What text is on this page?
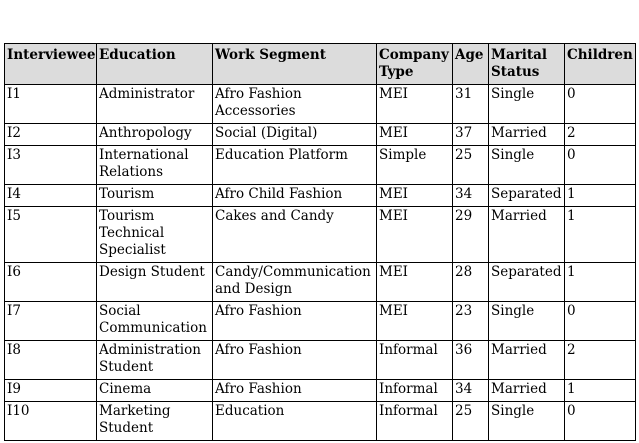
Interviewee	Education	Work Segment	Company Type	Age	Marital Status	Children
I1	Administrator	Afro Fashion Accessories	MEI	31	Single	0
I2	Anthropology	Social (Digital)	MEI	37	Married	2
I3	International Relations	Education Platform	Simple	25	Single	0
I4	Tourism	Afro Child Fashion	MEI	34	Separated	1
I5	Tourism Technical Specialist	Cakes and Candy	MEI	29	Married	1
I6	Design Student	Candy/Communication and Design	MEI	28	Separated	1
I7	Social Communication	Afro Fashion	MEI	23	Single	0
I8	Administration Student	Afro Fashion	Informal	36	Married	2
I9	Cinema	Afro Fashion	Informal	34	Married	1
I10	Marketing Student	Education	Informal	25	Single	0
